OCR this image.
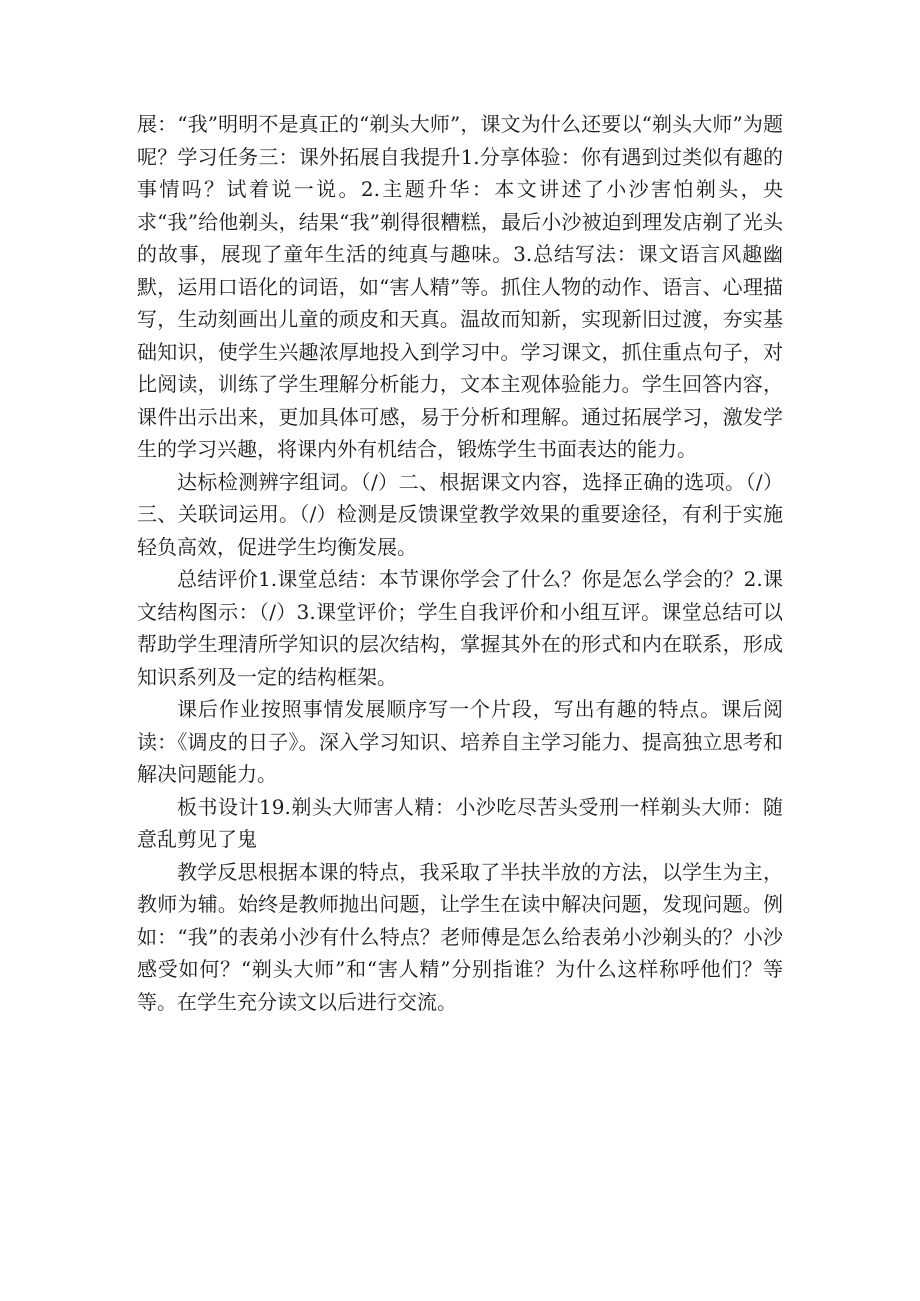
展：“我”明明不是真正的“剃头大师”，课文为什么还要以“剃头大师”为题呢？学习任务三：课外拓展自我提升1.分享体验：你有遇到过类似有趣的事情吗？试着说一说。2.主题升华：本文讲述了小沙害怕剃头，央求“我”给他剃头，结果“我”剃得很糟糕，最后小沙被迫到理发店剃了光头的故事，展现了童年生活的纯真与趣味。3.总结写法：课文语言风趣幽默，运用口语化的词语，如“害人精”等。抓住人物的动作、语言、心理描写，生动刻画出儿童的顽皮和天真。温故而知新，实现新旧过渡，夯实基础知识，使学生兴趣浓厚地投入到学习中。学习课文，抓住重点句子，对比阅读，训练了学生理解分析能力，文本主观体验能力。学生回答内容，课件出示出来，更加具体可感，易于分析和理解。通过拓展学习，激发学生的学习兴趣，将课内外有机结合，锻炼学生书面表达的能力。

达标检测辨字组词。（/）二、根据课文内容，选择正确的选项。（/）三、关联词运用。（/）检测是反馈课堂教学效果的重要途径，有利于实施轻负高效，促进学生均衡发展。

总结评价1.课堂总结：本节课你学会了什么？你是怎么学会的？2.课文结构图示：（/）3.课堂评价；学生自我评价和小组互评。课堂总结可以帮助学生理清所学知识的层次结构，掌握其外在的形式和内在联系，形成知识系列及一定的结构框架。

课后作业按照事情发展顺序写一个片段，写出有趣的特点。课后阅读：《调皮的日子》。深入学习知识、培养自主学习能力、提高独立思考和解决问题能力。

板书设计19.剃头大师害人精：小沙吃尽苦头受刑一样剃头大师：随意乱剪见了鬼

教学反思根据本课的特点，我采取了半扶半放的方法，以学生为主，教师为辅。始终是教师抛出问题，让学生在读中解决问题，发现问题。例如：“我”的表弟小沙有什么特点？老师傅是怎么给表弟小沙剃头的？小沙感受如何？“剃头大师”和“害人精”分别指谁？为什么这样称呼他们？等等。在学生充分读文以后进行交流。
